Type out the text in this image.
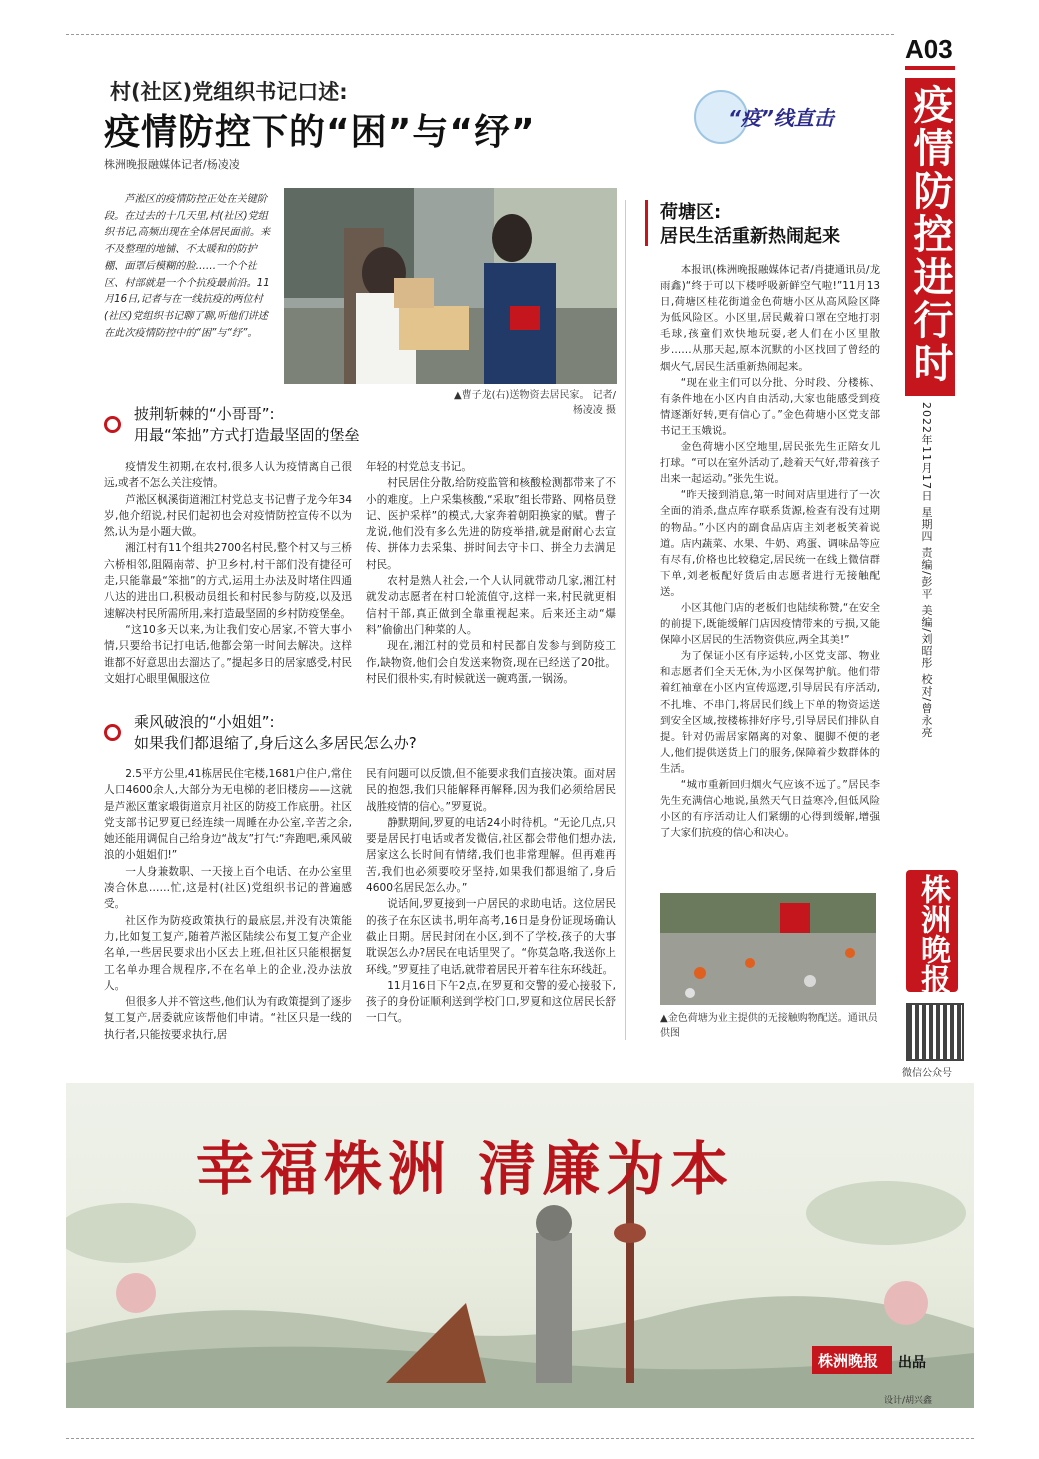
A03
疫情防控进行时
2022年11月17日 星期四 责编/彭平 美编/刘昭彤 校对/曾永亮
株洲晚报
微信公众号
村(社区)党组织书记口述:
疫情防控下的“困”与“纾”	“疫”线直击
株洲晚报融媒体记者/杨凌凌
芦淞区的疫情防控正处在关键阶段。在过去的十几天里,村(社区)党组织书记,高频出现在全体居民面前。来不及整理的地铺、不太暖和的防护棚、面罩后模糊的脸……一个个社区、村部就是一个个抗疫最前沿。11月16日,记者与在一线抗疫的两位村(社区)党组织书记聊了聊,听他们讲述在此次疫情防控中的“困”与“纾”。
▲曹子龙(右)送物资去居民家。 记者/杨凌凌 摄
披荆斩棘的“小哥哥”:
用最“笨拙”方式打造最坚固的堡垒

疫情发生初期,在农村,很多人认为疫情离自己很远,或者不怎么关注疫情。

芦淞区枫溪街道湘江村党总支书记曹子龙今年34岁,他介绍说,村民们起初也会对疫情防控宣传不以为然,认为是小题大做。

湘江村有11个组共2700名村民,整个村又与三桥六桥相邻,阻隔南蒂、护卫乡村,村干部们没有捷径可走,只能靠最“笨拙”的方式,运用土办法及时堵住四通八达的进出口,积极动员组长和村民参与防疫,以及迅速解决村民所需所用,来打造最坚固的乡村防疫堡垒。

“这10多天以来,为让我们安心居家,不管大事小情,只要给书记打电话,他都会第一时间去解决。这样谁都不好意思出去溜达了。”提起多日的居家感受,村民文姐打心眼里佩服这位

年轻的村党总支书记。

村民居住分散,给防疫监管和核酸检测都带来了不小的难度。上户采集核酸,“采取”组长带路、网格员登记、医护采样”的模式,大家奔着朝阳换家的赋。曹子龙说,他们没有多么先进的防疫举措,就是耐耐心去宣传、拼体力去采集、拼时间去守卡口、拼全力去满足村民。

农村是熟人社会,一个人认同就带动几家,湘江村就发动志愿者在村口轮流值守,这样一来,村民就更相信村干部,真正做到全靠重视起来。后来还主动“爆料”偷偷出门种菜的人。

现在,湘江村的党员和村民都自发参与到防疫工作,缺物资,他们会自发送来物资,现在已经送了20批。村民们很朴实,有时候就送一碗鸡蛋,一锅汤。

乘风破浪的“小姐姐”:
如果我们都退缩了,身后这么多居民怎么办?

2.5平方公里,41栋居民住宅楼,1681户住户,常住人口4600余人,大部分为无电梯的老旧楼房——这就是芦淞区董家塅街道京月社区的防疫工作底册。社区党支部书记罗夏已经连续一周睡在办公室,辛苦之余,她还能用调侃自己给身边“战友”打气:“奔跑吧,乘风破浪的小姐姐们!”

一人身兼数职、一天接上百个电话、在办公室里凑合休息……忙,这是村(社区)党组织书记的普遍感受。

社区作为防疫政策执行的最底层,并没有决策能力,比如复工复产,随着芦淞区陆续公布复工复产企业名单,一些居民要求出小区去上班,但社区只能根据复工名单办理合规程序,不在名单上的企业,没办法放人。

但很多人并不管这些,他们认为有政策提到了逐步复工复产,居委就应该帮他们申请。“社区只是一线的执行者,只能按要求执行,居

民有问题可以反馈,但不能要求我们直接决策。面对居民的抱怨,我们只能解释再解释,因为我们必须给居民战胜疫情的信心。”罗夏说。

静默期间,罗夏的电话24小时待机。“无论几点,只要是居民打电话或者发微信,社区都会带他们想办法,居家这么长时间有情绪,我们也非常理解。但再难再苦,我们也必须要咬牙坚持,如果我们都退缩了,身后4600名居民怎么办。”

说话间,罗夏接到一户居民的求助电话。这位居民的孩子在东区读书,明年高考,16日是身份证现场确认截止日期。居民封闭在小区,到不了学校,孩子的大事耽误怎么办?居民在电话里哭了。“你莫急咯,我送你上环线。”罗夏挂了电话,就带着居民开着车往东环线赶。

11月16日下午2点,在罗夏和交警的爱心接驳下,孩子的身份证顺利送到学校门口,罗夏和这位居民长舒一口气。

荷塘区:
居民生活重新热闹起来

本报讯(株洲晚报融媒体记者/肖捷通讯员/龙雨鑫)“终于可以下楼呼吸新鲜空气啦!”11月13日,荷塘区桂花街道金色荷塘小区从高风险区降为低风险区。小区里,居民戴着口罩在空地打羽毛球,孩童们欢快地玩耍,老人们在小区里散步……从那天起,原本沉默的小区找回了曾经的烟火气,居民生活重新热闹起来。

“现在业主们可以分批、分时段、分楼栋、有条件地在小区内自由活动,大家也能感受到疫情逐渐好转,更有信心了。”金色荷塘小区党支部书记王玉娥说。

金色荷塘小区空地里,居民张先生正陪女儿打球。“可以在室外活动了,趁着天气好,带着孩子出来一起运动。”张先生说。

“昨天接到消息,第一时间对店里进行了一次全面的消杀,盘点库存联系货源,检查有没有过期的物品。”小区内的副食品店店主刘老板笑着说道。店内蔬菜、水果、牛奶、鸡蛋、调味品等应有尽有,价格也比较稳定,居民统一在线上微信群下单,刘老板配好货后由志愿者进行无接触配送。

小区其他门店的老板们也陆续称赞,“在安全的前提下,既能缓解门店因疫情带来的亏损,又能保障小区居民的生活物资供应,两全其美!”

为了保证小区有序运转,小区党支部、物业和志愿者们全天无休,为小区保驾护航。他们带着红袖章在小区内宣传巡逻,引导居民有序活动,不扎堆、不串门,将居民们线上下单的物资运送到安全区域,按楼栋排好序号,引导居民们排队自提。针对仍需居家隔离的对象、腿脚不便的老人,他们提供送货上门的服务,保障着少数群体的生活。

“城市重新回归烟火气应该不远了。”居民李先生充满信心地说,虽然天气日益寒冷,但低风险小区的有序活动让人们紧绷的心得到缓解,增强了大家们抗疫的信心和决心。

▲金色荷塘为业主提供的无接触购物配送。通讯员供图
幸福株洲 清廉为本
株洲晚报 出品
设计/胡兴鑫
